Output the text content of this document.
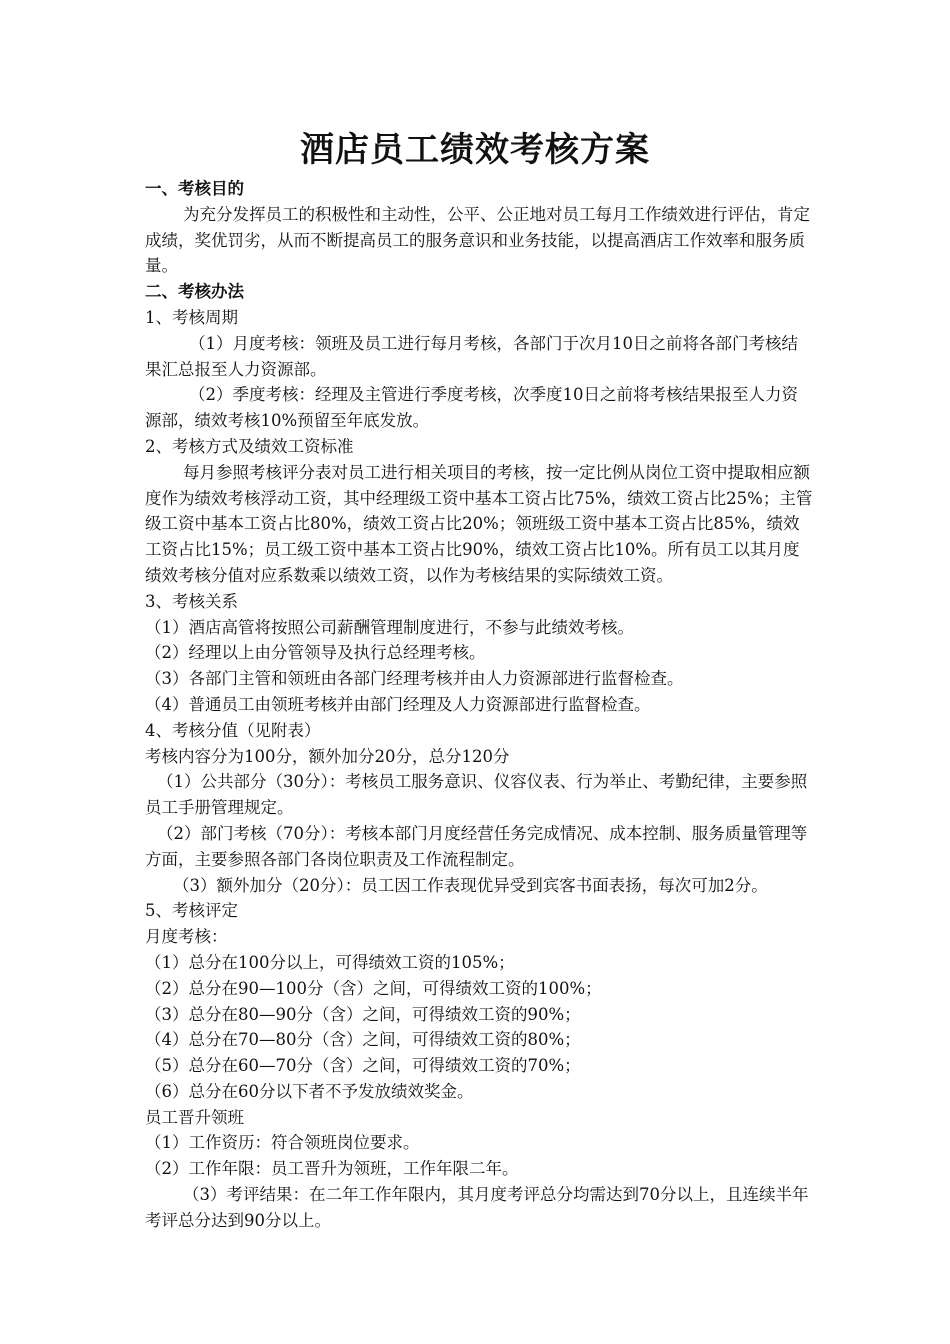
酒店员工绩效考核方案

一、考核目的

为充分发挥员工的积极性和主动性，公平、公正地对员工每月工作绩效进行评估，肯定成绩，奖优罚劣，从而不断提高员工的服务意识和业务技能，以提高酒店工作效率和服务质量。

二、考核办法

1、考核周期

（1）月度考核：领班及员工进行每月考核，各部门于次月10日之前将各部门考核结果汇总报至人力资源部。

（2）季度考核：经理及主管进行季度考核，次季度10日之前将考核结果报至人力资源部，绩效考核10%预留至年底发放。

2、考核方式及绩效工资标准

每月参照考核评分表对员工进行相关项目的考核，按一定比例从岗位工资中提取相应额度作为绩效考核浮动工资，其中经理级工资中基本工资占比75%，绩效工资占比25%；主管级工资中基本工资占比80%，绩效工资占比20%；领班级工资中基本工资占比85%，绩效工资占比15%；员工级工资中基本工资占比90%，绩效工资占比10%。所有员工以其月度绩效考核分值对应系数乘以绩效工资，以作为考核结果的实际绩效工资。

3、考核关系

（1）酒店高管将按照公司薪酬管理制度进行，不参与此绩效考核。

（2）经理以上由分管领导及执行总经理考核。

（3）各部门主管和领班由各部门经理考核并由人力资源部进行监督检查。

（4）普通员工由领班考核并由部门经理及人力资源部进行监督检查。

4、考核分值（见附表）

考核内容分为100分，额外加分20分，总分120分

（1）公共部分（30分）：考核员工服务意识、仪容仪表、行为举止、考勤纪律，主要参照员工手册管理规定。

（2）部门考核（70分）：考核本部门月度经营任务完成情况、成本控制、服务质量管理等方面，主要参照各部门各岗位职责及工作流程制定。

（3）额外加分（20分）：员工因工作表现优异受到宾客书面表扬，每次可加2分。

5、考核评定

月度考核：

（1）总分在100分以上，可得绩效工资的105%；

（2）总分在90—100分（含）之间，可得绩效工资的100%；

（3）总分在80—90分（含）之间，可得绩效工资的90%；

（4）总分在70—80分（含）之间，可得绩效工资的80%；

（5）总分在60—70分（含）之间，可得绩效工资的70%；

（6）总分在60分以下者不予发放绩效奖金。

员工晋升领班

（1）工作资历：符合领班岗位要求。

（2）工作年限：员工晋升为领班，工作年限二年。

（3）考评结果：在二年工作年限内，其月度考评总分均需达到70分以上，且连续半年考评总分达到90分以上。
